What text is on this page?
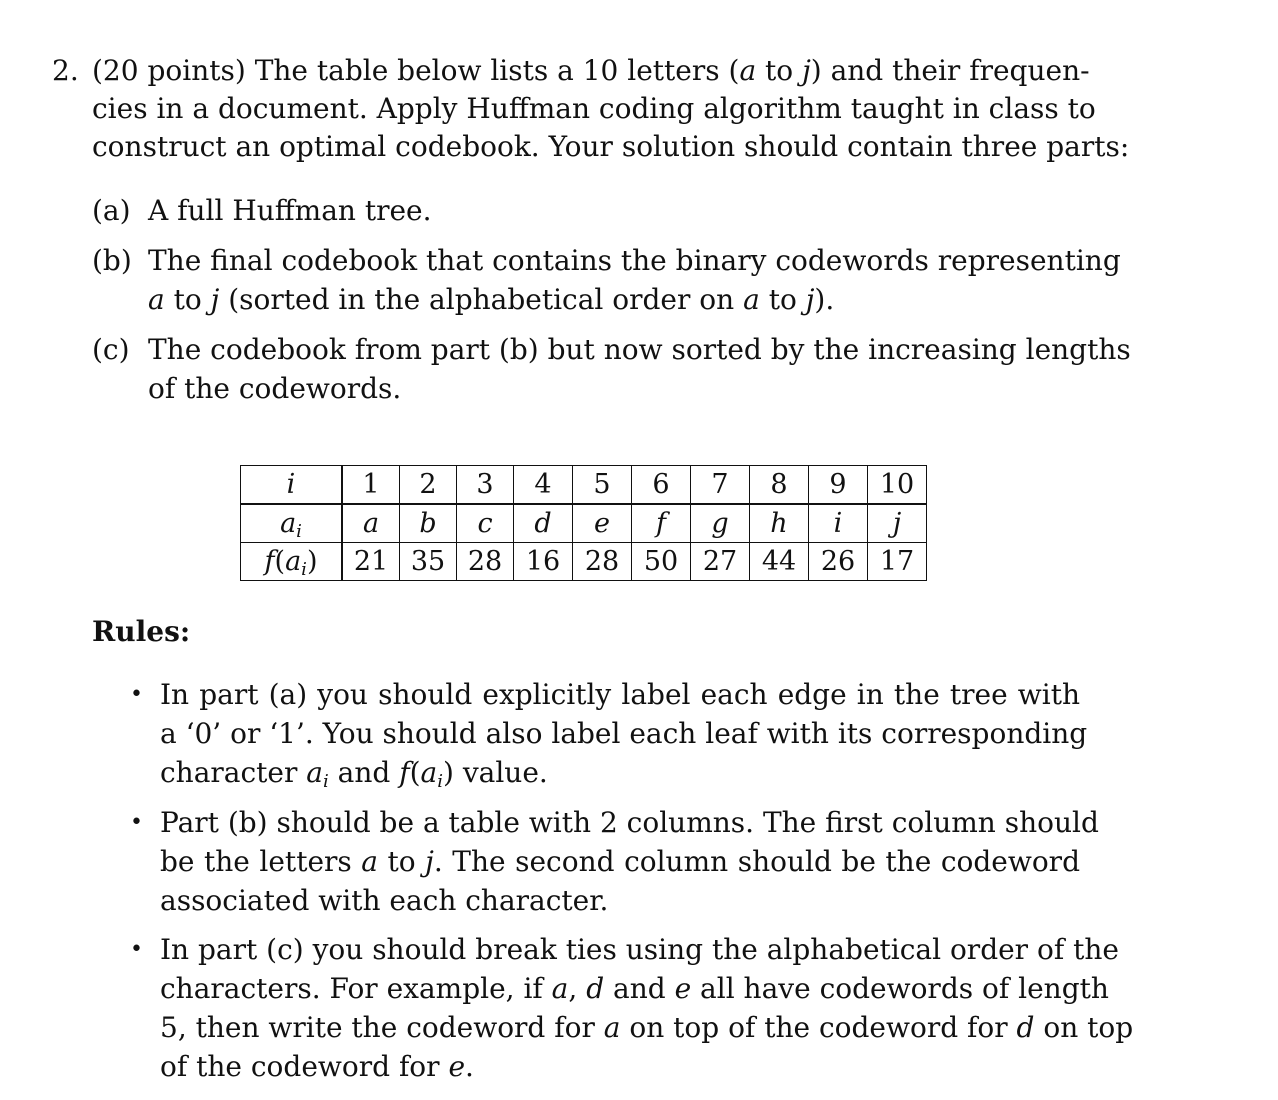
2. (20 points) The table below lists a 10 letters (a to j) and their frequen-
cies in a document. Apply Huffman coding algorithm taught in class to
construct an optimal codebook. Your solution should contain three parts:
(a) A full Huffman tree.
(b) The final codebook that contains the binary codewords representing
a to j (sorted in the alphabetical order on a to j).
(c) The codebook from part (b) but now sorted by the increasing lengths
of the codewords.
i	1	2	3	4	5	6	7	8	9	10
$a_i$	a	b	c	d	e	f	g	h	i	j
$f(a_i)$	21	35	28	16	28	50	27	44	26	17
Rules:
• In part (a) you should explicitly label each edge in the tree with
a ‘0’ or ‘1’. You should also label each leaf with its corresponding
character $a_i$ and $f(a_i)$ value.
• Part (b) should be a table with 2 columns. The first column should
be the letters a to j. The second column should be the codeword
associated with each character.
• In part (c) you should break ties using the alphabetical order of the
characters. For example, if a, d and e all have codewords of length
5, then write the codeword for a on top of the codeword for d on top
of the codeword for e.
